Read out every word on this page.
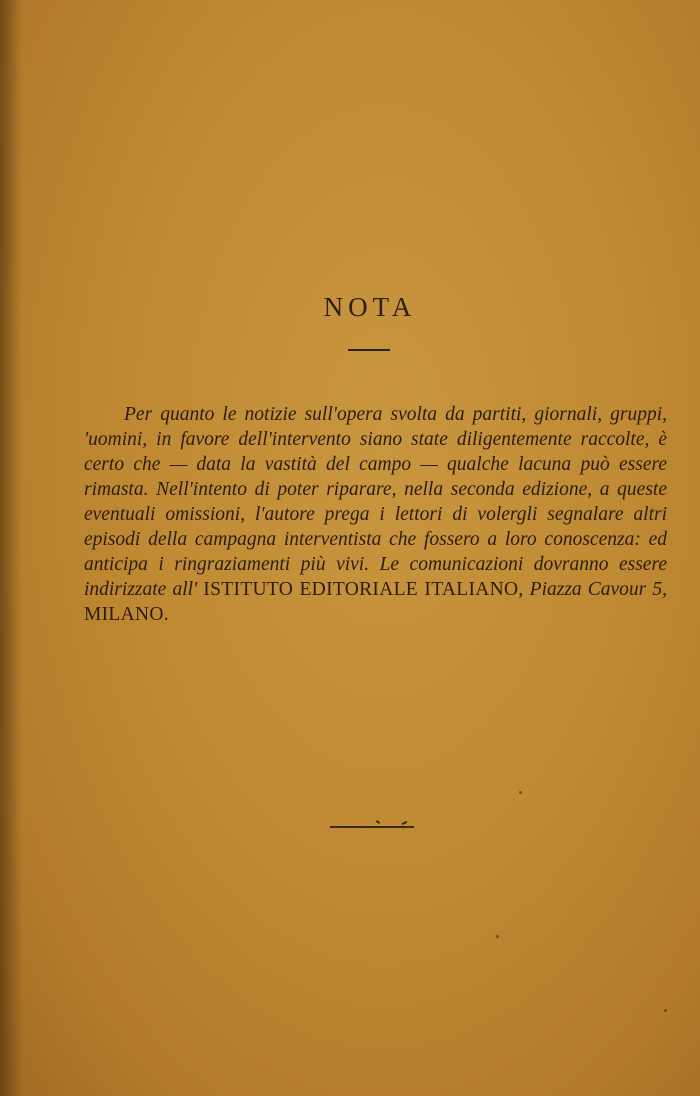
NOTA

Per quanto le notizie sull'opera svolta da partiti, giornali, gruppi, 'uomini, in favore dell'intervento siano state diligentemente raccolte, è certo che — data la vastità del campo — qualche lacuna può essere rimasta. Nell'intento di poter riparare, nella seconda edizione, a queste eventuali omissioni, l'autore prega i lettori di volergli segnalare altri episodi della campagna interventista che fossero a loro conoscenza: ed anticipa i ringraziamenti più vivi. Le comunicazioni dovranno essere indirizzate all' ISTITUTO EDITORIALE ITALIANO, Piazza Cavour 5, MILANO.
